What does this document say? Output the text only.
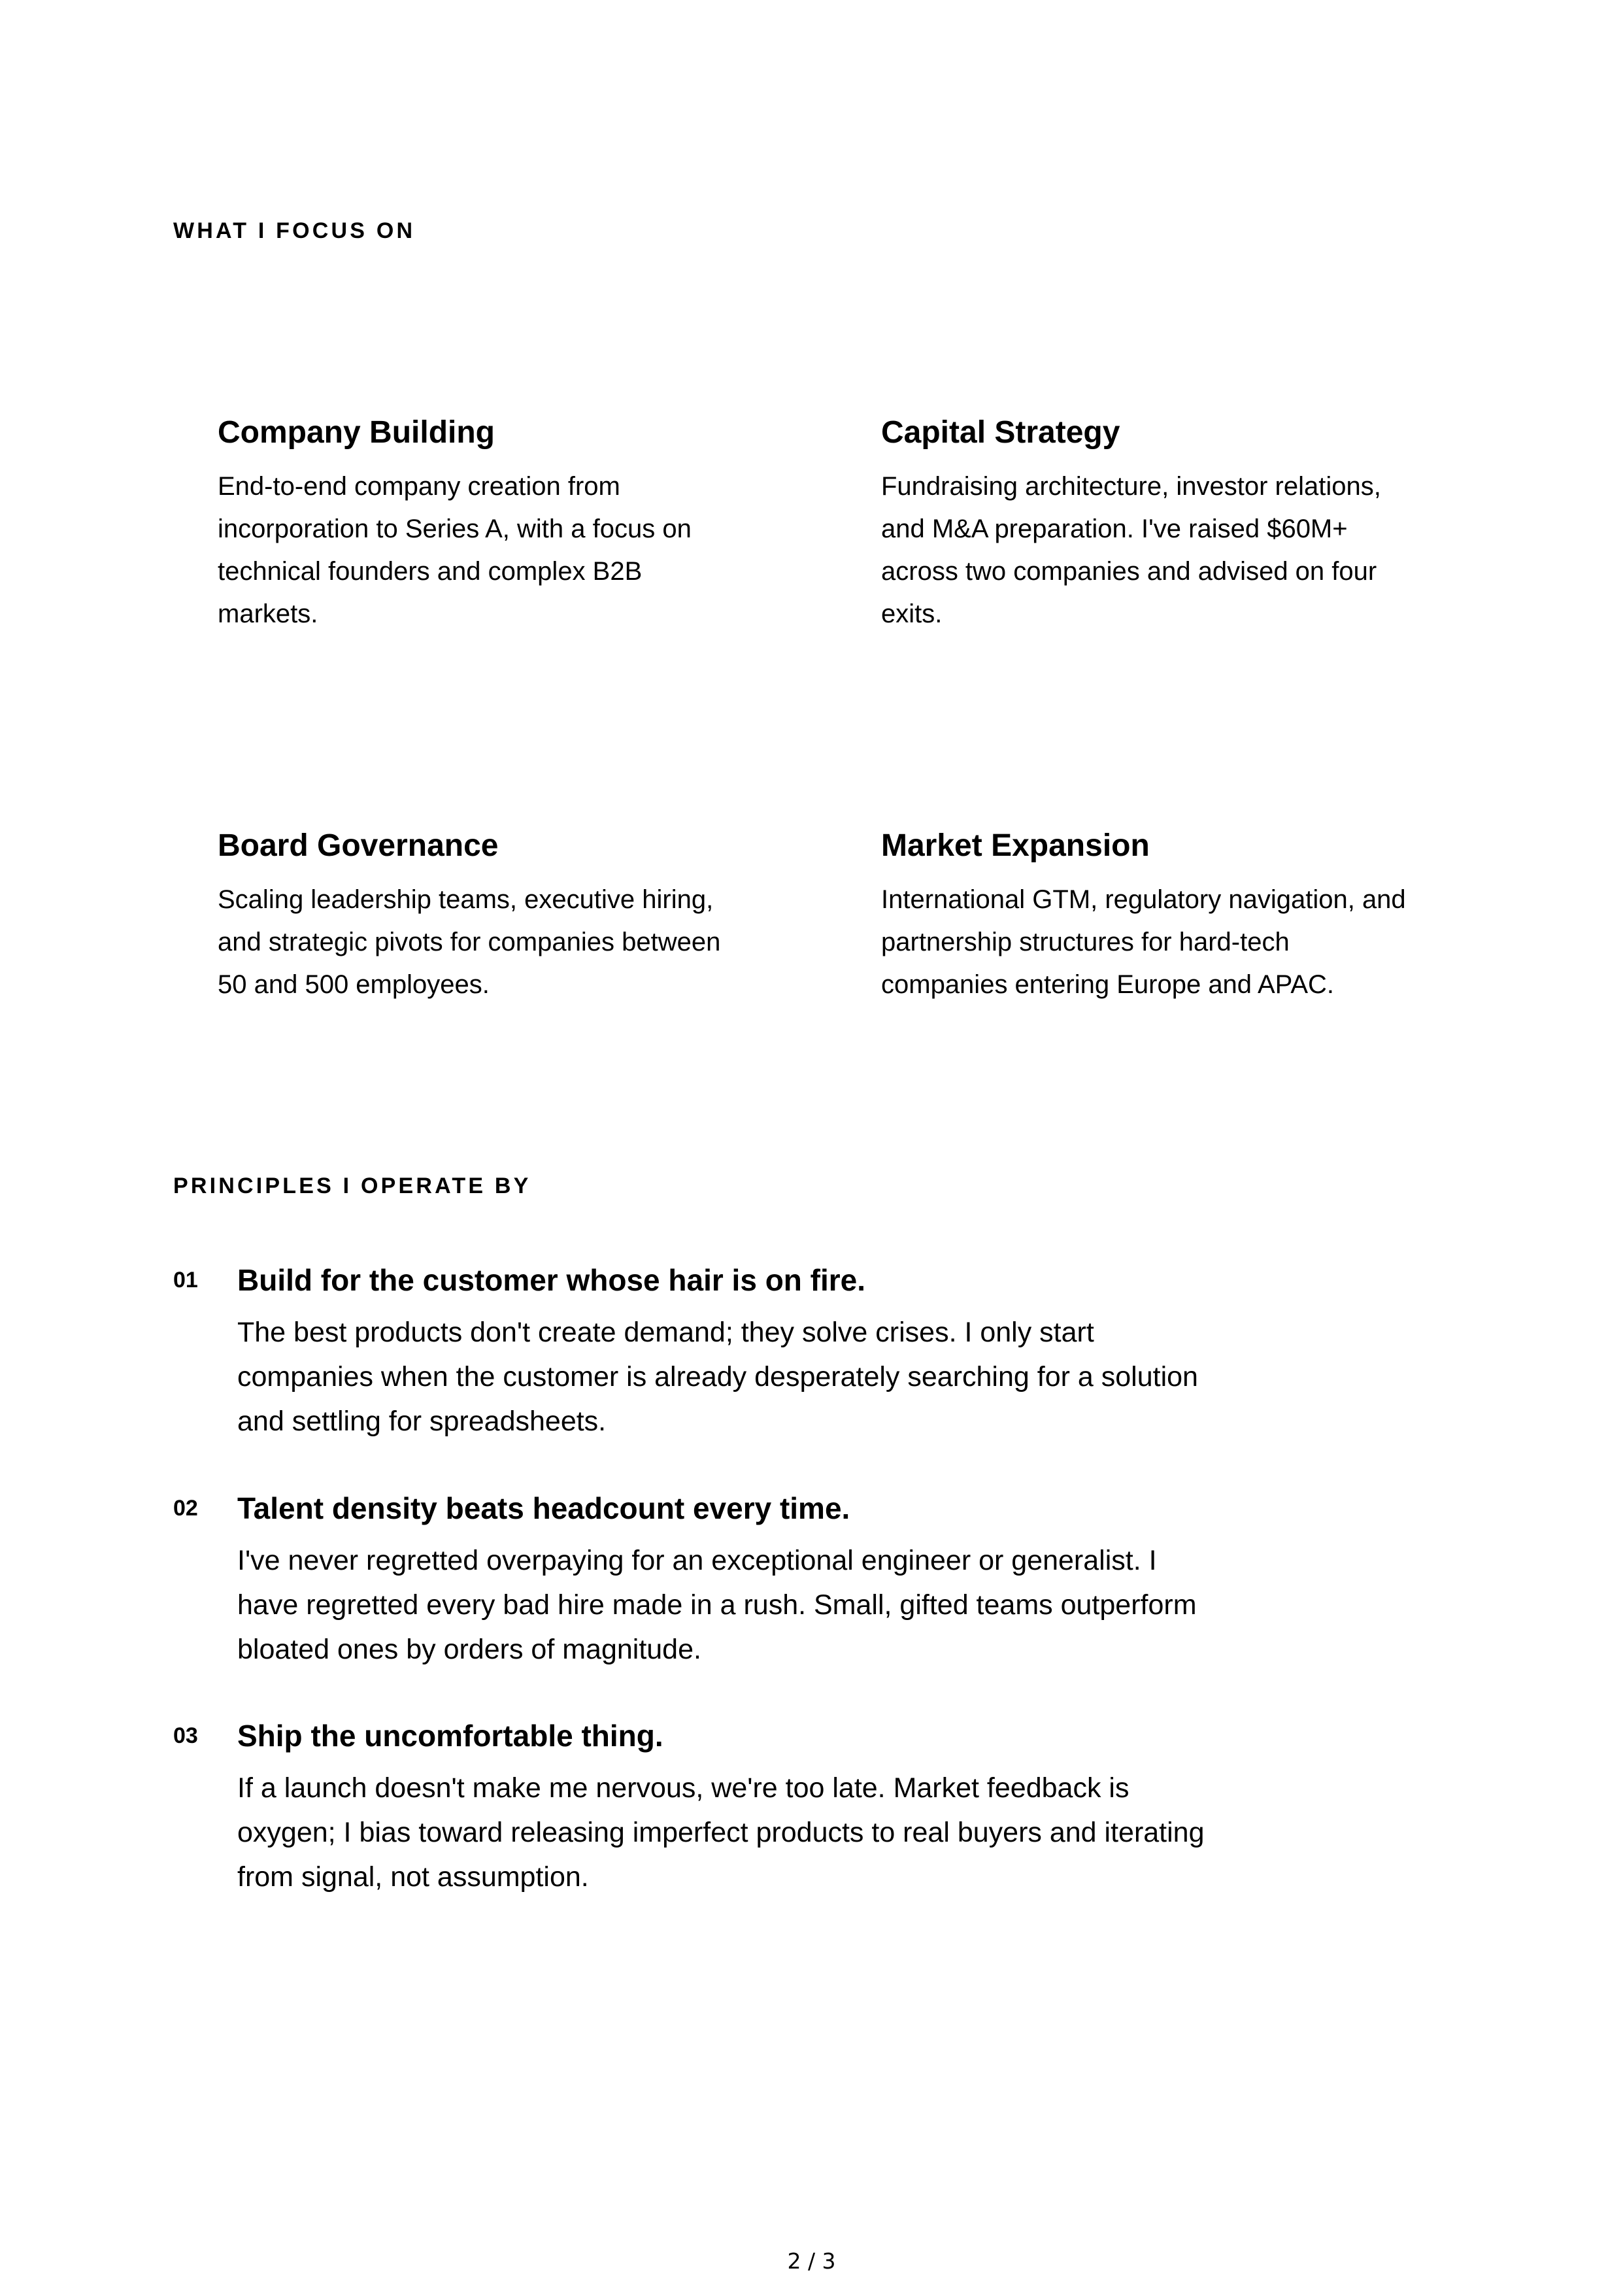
WHAT I FOCUS ON
Company Building
End-to-end company creation from
incorporation to Series A, with a focus on
technical founders and complex B2B
markets.
Capital Strategy
Fundraising architecture, investor relations,
and M&A preparation. I've raised $60M+
across two companies and advised on four
exits.
Board Governance
Scaling leadership teams, executive hiring,
and strategic pivots for companies between
50 and 500 employees.
Market Expansion
International GTM, regulatory navigation, and
partnership structures for hard-tech
companies entering Europe and APAC.
PRINCIPLES I OPERATE BY
01 Build for the customer whose hair is on fire.
The best products don't create demand; they solve crises. I only start
companies when the customer is already desperately searching for a solution
and settling for spreadsheets.
02 Talent density beats headcount every time.
I've never regretted overpaying for an exceptional engineer or generalist. I
have regretted every bad hire made in a rush. Small, gifted teams outperform
bloated ones by orders of magnitude.
03 Ship the uncomfortable thing.
If a launch doesn't make me nervous, we're too late. Market feedback is
oxygen; I bias toward releasing imperfect products to real buyers and iterating
from signal, not assumption.
2 / 3
